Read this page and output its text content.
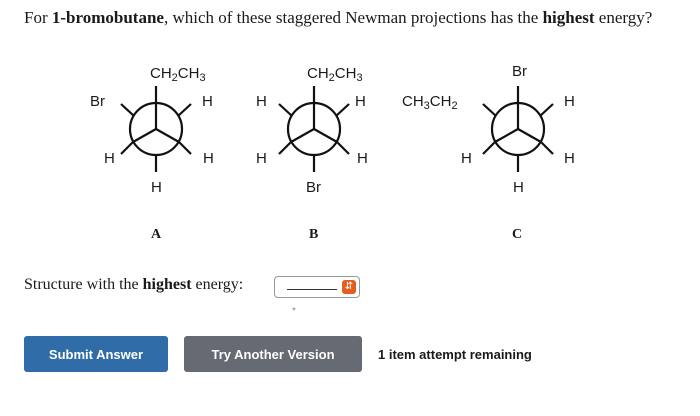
For 1-bromobutane, which of these staggered Newman projections has the highest energy?
$CH_2CH_3$
Br	H
H	H
H
A
$CH_2CH_3$
H	H
H	H
Br
B
Br
$CH_3CH_2$	H
H	H
H
C
Structure with the highest energy:	⇵
*
Submit Answer	Try Another Version	1 item attempt remaining
